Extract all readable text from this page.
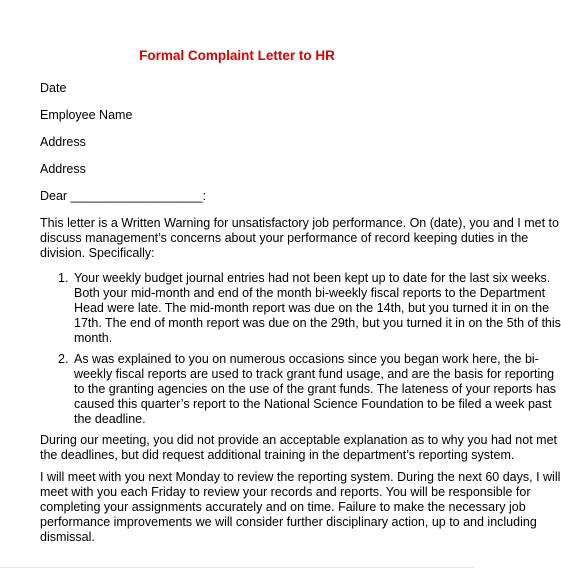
Formal Complaint Letter to HR
Date
Employee Name
Address
Address
Dear ___________________:
This letter is a Written Warning for unsatisfactory job performance. On (date), you and I met to
discuss management’s concerns about your performance of record keeping duties in the
division. Specifically:
1. Your weekly budget journal entries had not been kept up to date for the last six weeks.
Both your mid-month and end of the month bi-weekly fiscal reports to the Department
Head were late. The mid-month report was due on the 14th, but you turned it in on the
17th. The end of month report was due on the 29th, but you turned it in on the 5th of this
month.
2. As was explained to you on numerous occasions since you began work here, the bi-
weekly fiscal reports are used to track grant fund usage, and are the basis for reporting
to the granting agencies on the use of the grant funds. The lateness of your reports has
caused this quarter’s report to the National Science Foundation to be filed a week past
the deadline.
During our meeting, you did not provide an acceptable explanation as to why you had not met
the deadlines, but did request additional training in the department’s reporting system.
I will meet with you next Monday to review the reporting system. During the next 60 days, I will
meet with you each Friday to review your records and reports. You will be responsible for
completing your assignments accurately and on time. Failure to make the necessary job
performance improvements we will consider further disciplinary action, up to and including
dismissal.
